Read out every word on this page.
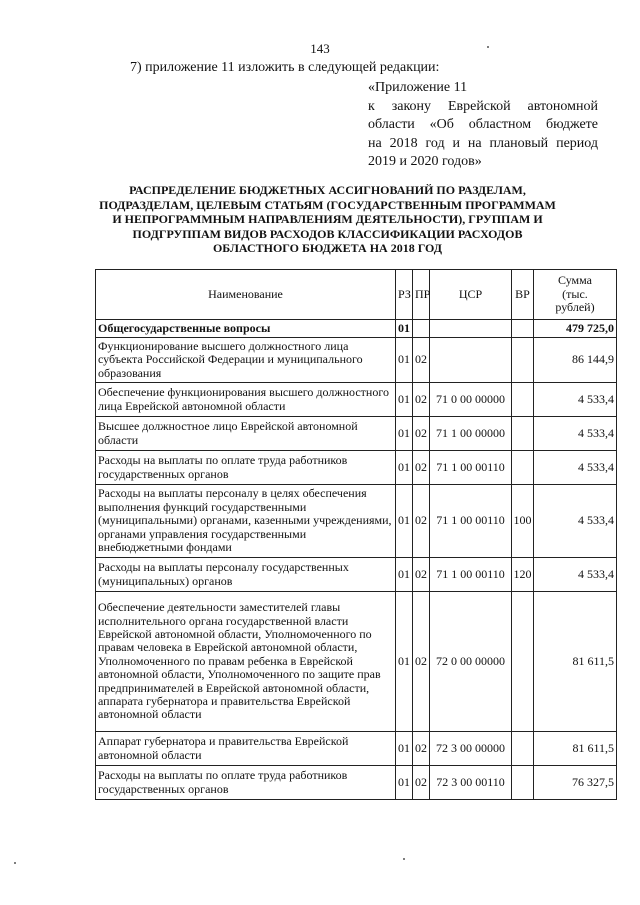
143
7) приложение 11 изложить в следующей редакции:
«Приложение 11
к закону Еврейской автономной
области «Об областном бюджете
на 2018 год и на плановый период
2019 и 2020 годов»
РАСПРЕДЕЛЕНИЕ БЮДЖЕТНЫХ АССИГНОВАНИЙ ПО РАЗДЕЛАМ,
ПОДРАЗДЕЛАМ, ЦЕЛЕВЫМ СТАТЬЯМ (ГОСУДАРСТВЕННЫМ ПРОГРАММАМ
И НЕПРОГРАММНЫМ НАПРАВЛЕНИЯМ ДЕЯТЕЛЬНОСТИ), ГРУППАМ И
ПОДГРУППАМ ВИДОВ РАСХОДОВ КЛАССИФИКАЦИИ РАСХОДОВ
ОБЛАСТНОГО БЮДЖЕТА НА 2018 ГОД
Наименование	РЗ	ПР	ЦСР	ВР	Сумма
(тыс.
рублей)

Общегосударственные вопросы	01				479 725,0
Функционирование высшего должностного лица субъекта Российской Федерации и муниципального образования	01	02			86 144,9
Обеспечение функционирования высшего должностного лица Еврейской автономной области	01	02	71 0 00 00000		4 533,4
Высшее должностное лицо Еврейской автономной области	01	02	71 1 00 00000		4 533,4
Расходы на выплаты по оплате труда работников государственных органов	01	02	71 1 00 00110		4 533,4
Расходы на выплаты персоналу в целях обеспечения выполнения функций государственными (муниципальными) органами, казенными учреждениями, органами управления государственными внебюджетными фондами	01	02	71 1 00 00110	100	4 533,4
Расходы на выплаты персоналу государственных (муниципальных) органов	01	02	71 1 00 00110	120	4 533,4
Обеспечение деятельности заместителей главы исполнительного органа государственной власти Еврейской автономной области, Уполномоченного по правам человека в Еврейской автономной области, Уполномоченного по правам ребенка в Еврейской автономной области, Уполномоченного по защите прав предпринимателей в Еврейской автономной области, аппарата губернатора и правительства Еврейской автономной области	01	02	72 0 00 00000		81 611,5
Аппарат губернатора и правительства Еврейской автономной области	01	02	72 3 00 00000		81 611,5
Расходы на выплаты по оплате труда работников государственных органов	01	02	72 3 00 00110		76 327,5
